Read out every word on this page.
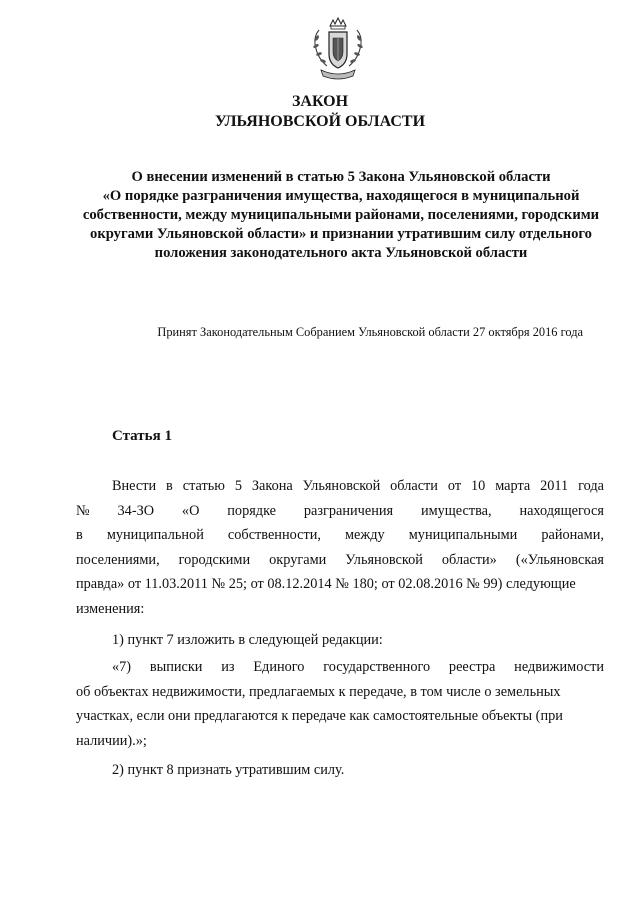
ЗАКОН
УЛЬЯНОВСКОЙ ОБЛАСТИ
О внесении изменений в статью 5 Закона Ульяновской области
«О порядке разграничения имущества, находящегося в муниципальной
собственности, между муниципальными районами, поселениями, городскими
округами Ульяновской области» и признании утратившим силу отдельного
положения законодательного акта Ульяновской области
Принят Законодательным Собранием Ульяновской области 27 октября 2016 года
Статья 1
Внести в статью 5 Закона Ульяновской области от 10 марта 2011 года
№ 34-ЗО «О порядке разграничения имущества, находящегося
в муниципальной собственности, между муниципальными районами,
поселениями, городскими округами Ульяновской области» («Ульяновская
правда» от 11.03.2011 № 25; от 08.12.2014 № 180; от 02.08.2016 № 99) следующие
изменения:
1) пункт 7 изложить в следующей редакции:
«7) выписки из Единого государственного реестра недвижимости
об объектах недвижимости, предлагаемых к передаче, в том числе о земельных
участках, если они предлагаются к передаче как самостоятельные объекты (при
наличии).»;
2) пункт 8 признать утратившим силу.
